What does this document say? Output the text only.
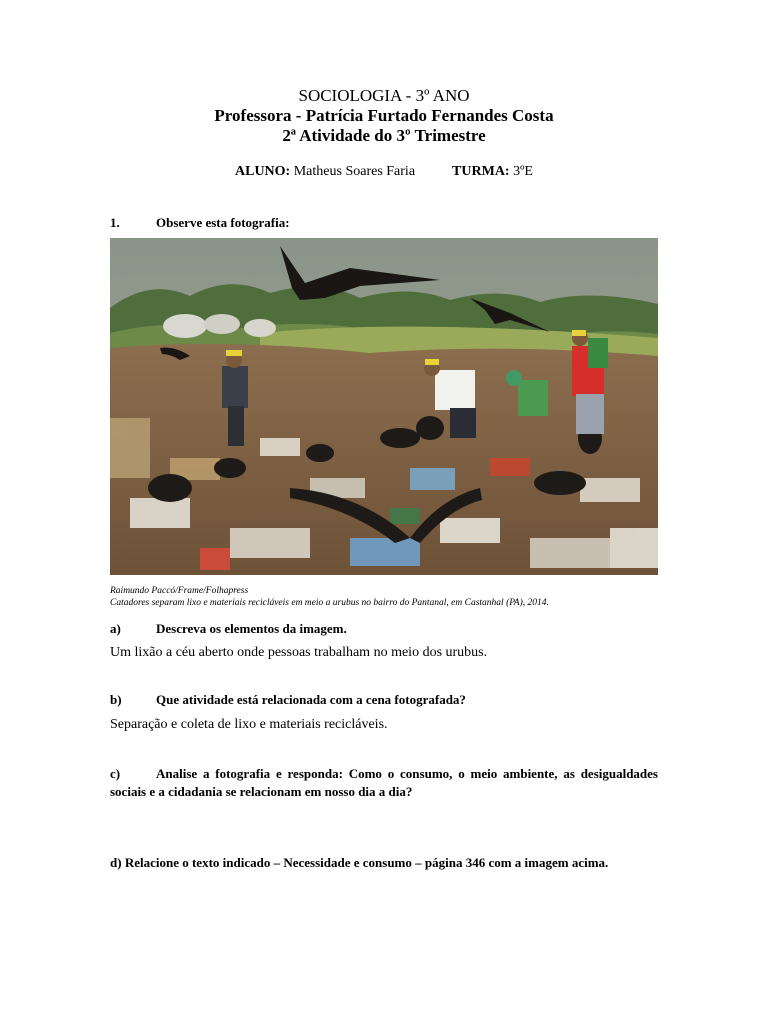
SOCIOLOGIA - 3º ANO
Professora - Patrícia Furtado Fernandes Costa
2ª Atividade do 3º Trimestre
ALUNO: Matheus Soares Faria	TURMA: 3ºE
1.	Observe esta fotografia:
Raimundo Paccó/Frame/Folhapress
Catadores separam lixo e materiais recicláveis em meio a urubus no bairro do Pantanal, em Castanhal (PA), 2014.
a)	Descreva os elementos da imagem.
Um lixão a céu aberto onde pessoas trabalham no meio dos urubus.
b)	Que atividade está relacionada com a cena fotografada?
Separação e coleta de lixo e materiais recicláveis.
c)	Analise a fotografia e responda: Como o consumo, o meio ambiente, as desigualdades sociais e a cidadania se relacionam em nosso dia a dia?
d) Relacione o texto indicado – Necessidade e consumo – página 346 com a imagem acima.
